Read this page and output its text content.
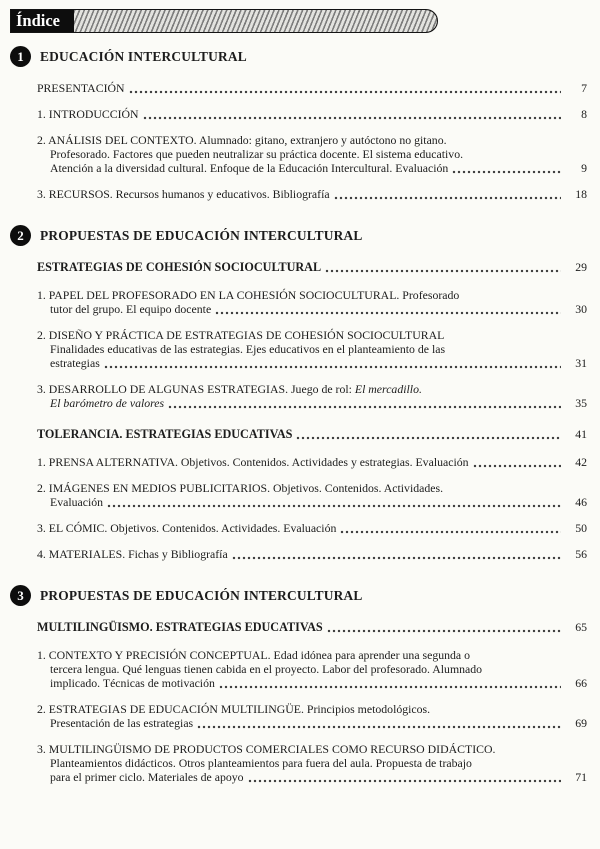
Índice
1	EDUCACIÓN INTERCULTURAL
PRESENTACIÓN	7
1. INTRODUCCIÓN	8
2. ANÁLISIS DEL CONTEXTO. Alumnado: gitano, extranjero y autóctono no gitano.
Profesorado. Factores que pueden neutralizar su práctica docente. El sistema educativo.
Atención a la diversidad cultural. Enfoque de la Educación Intercultural. Evaluación	9
3. RECURSOS. Recursos humanos y educativos. Bibliografía	18
2	PROPUESTAS DE EDUCACIÓN INTERCULTURAL
ESTRATEGIAS DE COHESIÓN SOCIOCULTURAL	29
1. PAPEL DEL PROFESORADO EN LA COHESIÓN SOCIOCULTURAL. Profesorado
tutor del grupo. El equipo docente	30
2. DISEÑO Y PRÁCTICA DE ESTRATEGIAS DE COHESIÓN SOCIOCULTURAL
Finalidades educativas de las estrategias. Ejes educativos en el planteamiento de las
estrategias	31
3. DESARROLLO DE ALGUNAS ESTRATEGIAS. Juego de rol: El mercadillo.
El barómetro de valores	35
TOLERANCIA. ESTRATEGIAS EDUCATIVAS	41
1. PRENSA ALTERNATIVA. Objetivos. Contenidos. Actividades y estrategias. Evaluación	42
2. IMÁGENES EN MEDIOS PUBLICITARIOS. Objetivos. Contenidos. Actividades.
Evaluación	46
3. EL CÓMIC. Objetivos. Contenidos. Actividades. Evaluación	50
4. MATERIALES. Fichas y Bibliografía	56
3	PROPUESTAS DE EDUCACIÓN INTERCULTURAL
MULTILINGÜISMO. ESTRATEGIAS EDUCATIVAS	65
1. CONTEXTO Y PRECISIÓN CONCEPTUAL. Edad idónea para aprender una segunda o
tercera lengua. Qué lenguas tienen cabida en el proyecto. Labor del profesorado. Alumnado
implicado. Técnicas de motivación	66
2. ESTRATEGIAS DE EDUCACIÓN MULTILINGÜE. Principios metodológicos.
Presentación de las estrategias	69
3. MULTILINGÜISMO DE PRODUCTOS COMERCIALES COMO RECURSO DIDÁCTICO.
Planteamientos didácticos. Otros planteamientos para fuera del aula. Propuesta de trabajo
para el primer ciclo. Materiales de apoyo	71
